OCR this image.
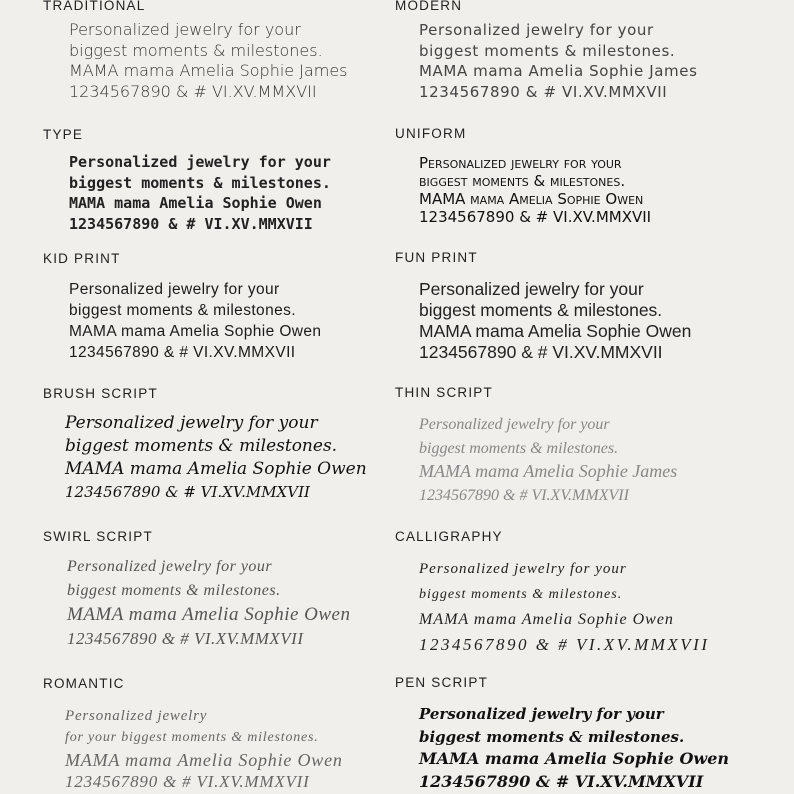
TRADITIONAL
Personalized jewelry for your
biggest moments & milestones.
MAMA mama Amelia Sophie James
1234567890 & # VI.XV.MMXVII
MODERN
Personalized jewelry for your
biggest moments & milestones.
MAMA mama Amelia Sophie James
1234567890 & # VI.XV.MMXVII
TYPE
Personalized jewelry for your
biggest moments & milestones.
MAMA mama Amelia Sophie Owen
1234567890 & # VI.XV.MMXVII
UNIFORM
Personalized jewelry for your
biggest moments & milestones.
MAMA mama Amelia Sophie Owen
1234567890 & # VI.XV.MMXVII
KID PRINT
Personalized jewelry for your
biggest moments & milestones.
MAMA mama Amelia Sophie Owen
1234567890 & # VI.XV.MMXVII
FUN PRINT
Personalized jewelry for your
biggest moments & milestones.
MAMA mama Amelia Sophie Owen
1234567890 & # VI.XV.MMXVII
BRUSH SCRIPT
Personalized jewelry for your
biggest moments & milestones.
MAMA mama Amelia Sophie Owen
1234567890 & # VI.XV.MMXVII
THIN SCRIPT
Personalized jewelry for your
biggest moments & milestones.
MAMA mama Amelia Sophie James
1234567890 & # VI.XV.MMXVII
SWIRL SCRIPT
Personalized jewelry for your
biggest moments & milestones.
MAMA mama Amelia Sophie Owen
1234567890 & # VI.XV.MMXVII
CALLIGRAPHY
Personalized jewelry for your
biggest moments & milestones.
MAMA mama Amelia Sophie Owen
1234567890 & # VI.XV.MMXVII
ROMANTIC
Personalized jewelry
for your biggest moments & milestones.
MAMA mama Amelia Sophie Owen
1234567890 & # VI.XV.MMXVII
PEN SCRIPT
Personalized jewelry for your
biggest moments & milestones.
MAMA mama Amelia Sophie Owen
1234567890 & # VI.XV.MMXVII
